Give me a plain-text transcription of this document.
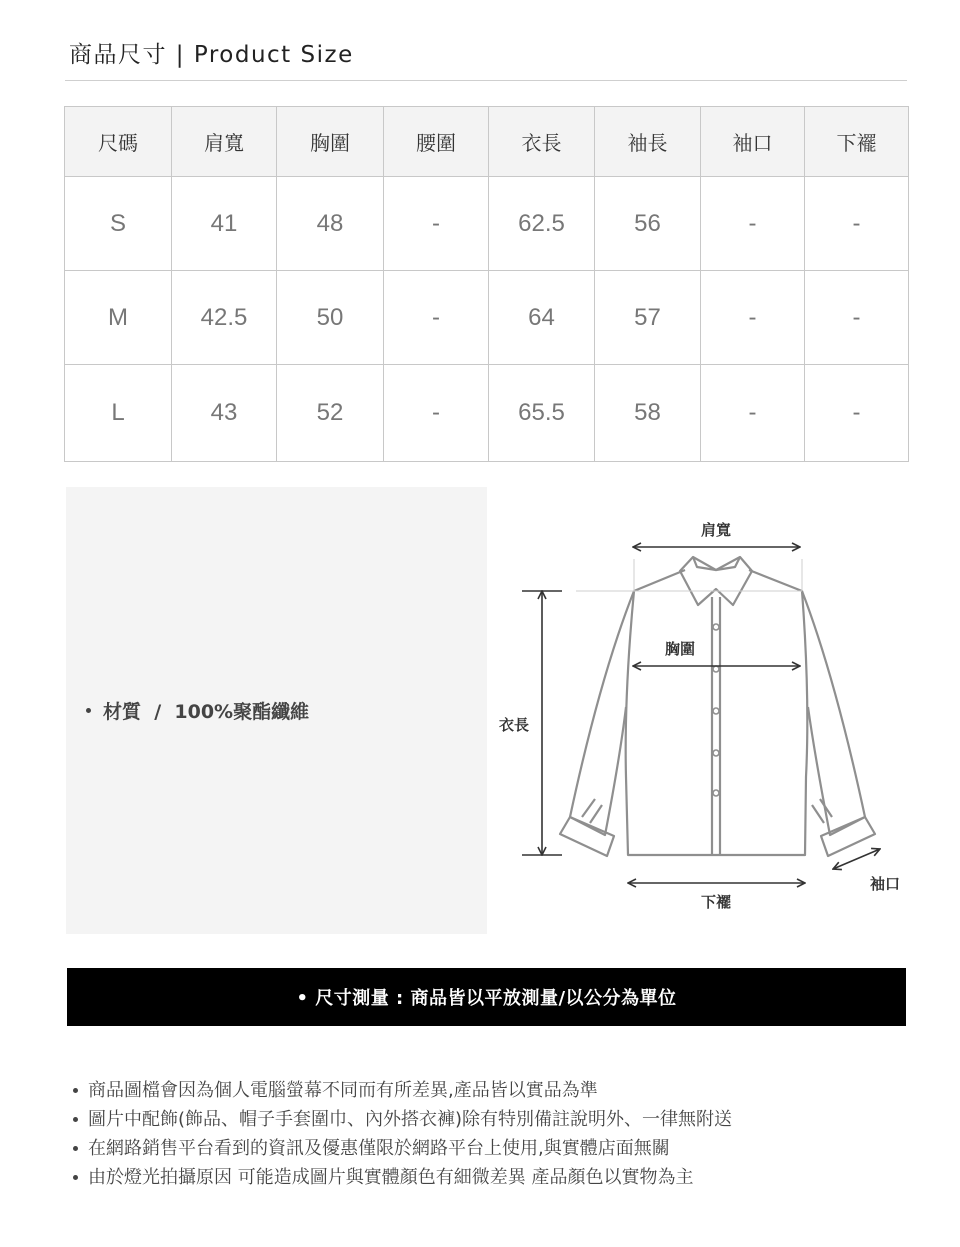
商品尺寸 | Product Size
尺碼	肩寬	胸圍	腰圍	衣長	袖長	袖口	下襬
S	41	48	-	62.5	56	-	-
M	42.5	50	-	64	57	-	-
L	43	52	-	65.5	58	-	-
材質  /  100%聚酯纖維
肩寬
胸圍
衣長
下襬
袖口
• 尺寸測量 : 商品皆以平放測量/以公分為單位
商品圖檔會因為個人電腦螢幕不同而有所差異,產品皆以實品為準
圖片中配飾(飾品、帽子手套圍巾、內外搭衣褲)除有特別備註說明外、一律無附送
在網路銷售平台看到的資訊及優惠僅限於網路平台上使用,與實體店面無關
由於燈光拍攝原因 可能造成圖片與實體顏色有細微差異 產品顏色以實物為主
